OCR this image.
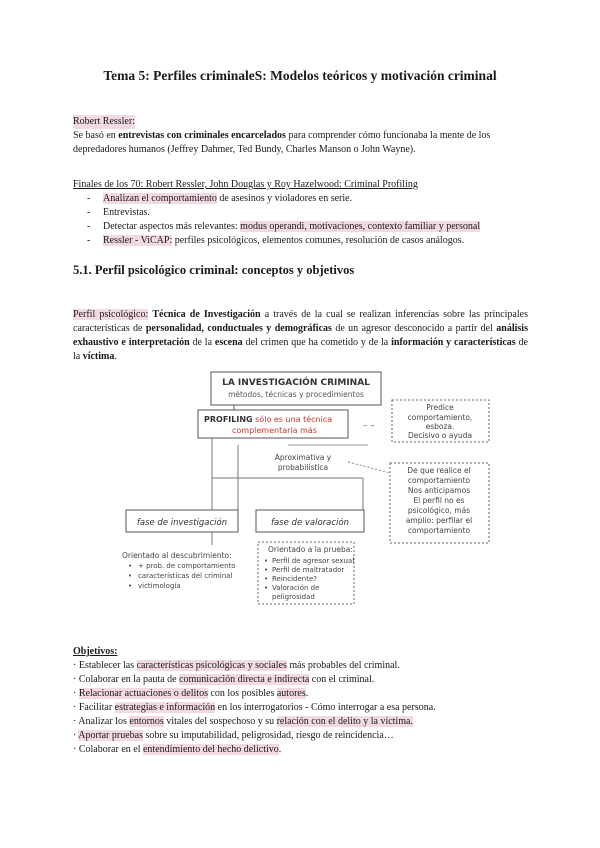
Tema 5: Perfiles criminaleS: Modelos teóricos y motivación criminal
Robert Ressler:
Se basó en entrevistas con criminales encarcelados para comprender cómo funcionaba la mente de los depredadores humanos (Jeffrey Dahmer, Ted Bundy, Charles Manson o John Wayne).
Finales de los 70: Robert Ressler, John Douglas y Roy Hazelwood: Criminal Profiling
- Analizan el comportamiento de asesinos y violadores en serie.
- Entrevistas.
- Detectar aspectos más relevantes: modus operandi, motivaciones, contexto familiar y personal
- Ressler - ViCAP: perfiles psicológicos, elementos comunes, resolución de casos análogos.
5.1. Perfil psicológico criminal: conceptos y objetivos
Perfil psicológico: Técnica de Investigación a través de la cual se realizan inferencias sobre las principales características de personalidad, conductuales y demográficas de un agresor desconocido a partir del análisis exhaustivo e interpretación de la escena del crimen que ha cometido y de la información y características de la víctima.
LA INVESTIGACIÓN CRIMINAL
métodos, técnicas y procedimientos
PROFILING sólo es una técnica
complementaria más	– –
Predice
comportamiento,
esboza.
Decisivo o ayuda
Aproximativa y
probabilística	De que realice el
comportamiento
Nos anticipamos
El perfil no es
psicológico, más
amplio: perfilar el
comportamiento
fase de investigación	fase de valoración
Orientado al descubrimiento:
• + prob. de comportamiento
• características del criminal
• victimología
Orientado a la prueba:
• Perfil de agresor sexual
• Perfil de maltratador
• Reincidente?
• Valoración de
peligrosidad
Objetivos:
· Establecer las características psicológicas y sociales más probables del criminal.
· Colaborar en la pauta de comunicación directa e indirecta con el criminal.
· Relacionar actuaciones o delitos con los posibles autores.
· Facilitar estrategias e información en los interrogatorios - Cómo interrogar a esa persona.
· Analizar los entornos vitales del sospechoso y su relación con el delito y la víctima.
· Aportar pruebas sobre su imputabilidad, peligrosidad, riesgo de reincidencia…
· Colaborar en el entendimiento del hecho delictivo.
